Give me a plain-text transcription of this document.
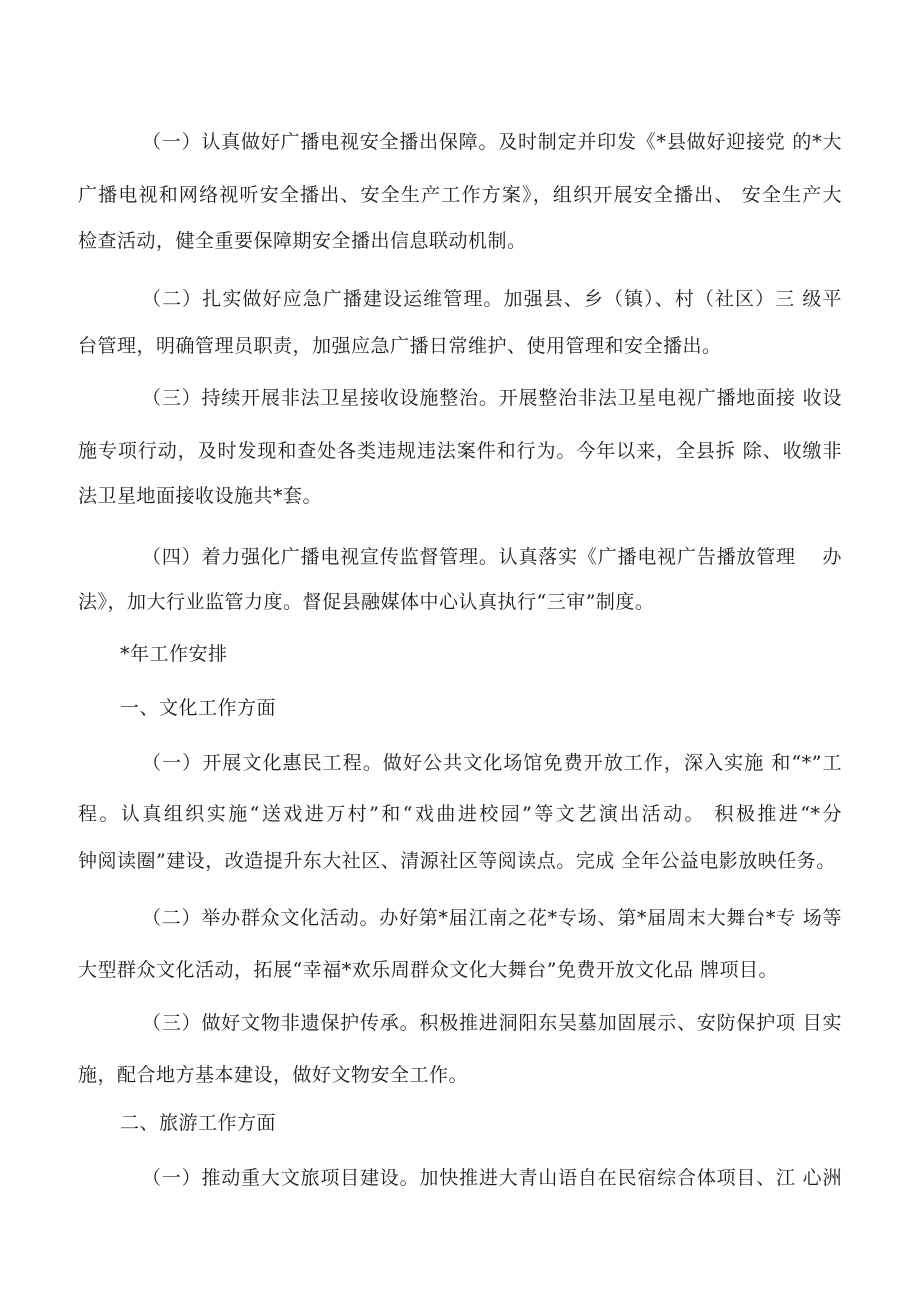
（一）认真做好广播电视安全播出保障。及时制定并印发《*县做好迎接党 的*大
广播电视和网络视听安全播出、安全生产工作方案》，组织开展安全播出、 安全生产大
检查活动，健全重要保障期安全播出信息联动机制。
（二）扎实做好应急广播建设运维管理。加强县、乡（镇）、村（社区）三 级平
台管理，明确管理员职责，加强应急广播日常维护、使用管理和安全播出。
（三）持续开展非法卫星接收设施整治。开展整治非法卫星电视广播地面接 收设
施专项行动，及时发现和查处各类违规违法案件和行为。今年以来，全县拆 除、收缴非
法卫星地面接收设施共*套。
（四）着力强化广播电视宣传监督管理。认真落实《广播电视广告播放管理　 办
法》，加大行业监管力度。督促县融媒体中心认真执行“三审”制度。
*年工作安排
一、文化工作方面
（一）开展文化惠民工程。做好公共文化场馆免费开放工作，深入实施 和“*”工
程。认真组织实施“送戏进万村”和“戏曲进校园”等文艺演出活动。 积极推进“*分
钟阅读圈”建设，改造提升东大社区、清源社区等阅读点。完成 全年公益电影放映任务。
（二）举办群众文化活动。办好第*届江南之花*专场、第*届周末大舞台*专 场等
大型群众文化活动，拓展“幸福*欢乐周群众文化大舞台”免费开放文化品 牌项目。
（三）做好文物非遗保护传承。积极推进洞阳东吴墓加固展示、安防保护项 目实
施，配合地方基本建设，做好文物安全工作。
二、旅游工作方面
（一）推动重大文旅项目建设。加快推进大青山语自在民宿综合体项目、江 心洲
